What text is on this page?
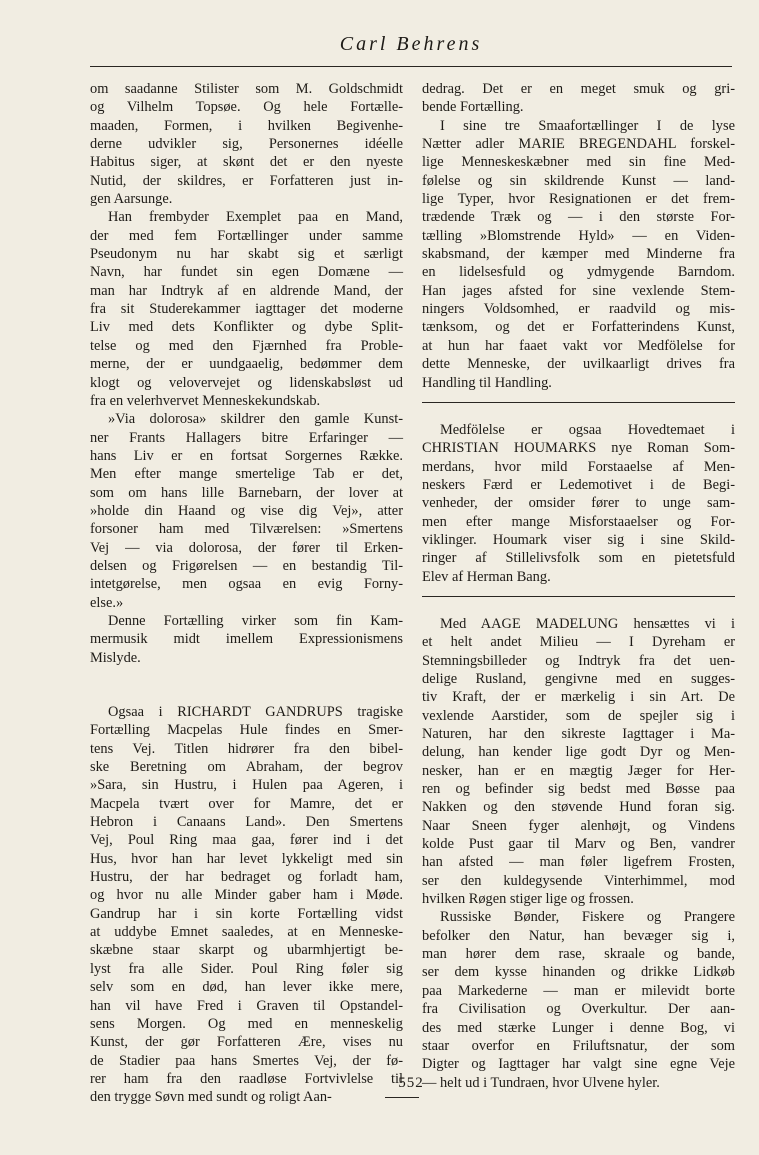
Carl Behrens
om saadanne Stilister som M. Goldschmidt
og Vilhelm Topsøe. Og hele Fortælle-
maaden, Formen, i hvilken Begivenhe-
derne udvikler sig, Personernes idéelle
Habitus siger, at skønt det er den nyeste
Nutid, der skildres, er Forfatteren just in-
gen Aarsunge.
Han frembyder Exemplet paa en Mand,
der med fem Fortællinger under samme
Pseudonym nu har skabt sig et særligt
Navn, har fundet sin egen Domæne —
man har Indtryk af en aldrende Mand, der
fra sit Studerekammer iagttager det moderne
Liv med dets Konflikter og dybe Split-
telse og med den Fjærnhed fra Proble-
merne, der er uundgaaelig, bedømmer dem
klogt og velovervejet og lidenskabsløst ud
fra en velerhvervet Menneskekundskab.
»Via dolorosa» skildrer den gamle Kunst-
ner Frants Hallagers bitre Erfaringer —
hans Liv er en fortsat Sorgernes Række.
Men efter mange smertelige Tab er det,
som om hans lille Barnebarn, der lover at
»holde din Haand og vise dig Vej», atter
forsoner ham med Tilværelsen: »Smertens
Vej — via dolorosa, der fører til Erken-
delsen og Frigørelsen — en bestandig Til-
intetgørelse, men ogsaa en evig Forny-
else.»
Denne Fortælling virker som fin Kam-
mermusik midt imellem Expressionismens
Mislyde.
Ogsaa i RICHARDT GANDRUPS tragiske
Fortælling Macpelas Hule findes en Smer-
tens Vej. Titlen hidrører fra den bibel-
ske Beretning om Abraham, der begrov
»Sara, sin Hustru, i Hulen paa Ageren, i
Macpela tvært over for Mamre, det er
Hebron i Canaans Land». Den Smertens
Vej, Poul Ring maa gaa, fører ind i det
Hus, hvor han har levet lykkeligt med sin
Hustru, der har bedraget og forladt ham,
og hvor nu alle Minder gaber ham i Møde.
Gandrup har i sin korte Fortælling vidst
at uddybe Emnet saaledes, at en Menneske-
skæbne staar skarpt og ubarmhjertigt be-
lyst fra alle Sider. Poul Ring føler sig
selv som en død, han lever ikke mere,
han vil have Fred i Graven til Opstandel-
sens Morgen. Og med en menneskelig
Kunst, der gør Forfatteren Ære, vises nu
de Stadier paa hans Smertes Vej, der fø-
rer ham fra den raadløse Fortvivlelse til
den trygge Søvn med sundt og roligt Aan-
dedrag. Det er en meget smuk og gri-
bende Fortælling.
I sine tre Smaafortællinger I de lyse
Nætter adler MARIE BREGENDAHL forskel-
lige Menneskeskæbner med sin fine Med-
følelse og sin skildrende Kunst — land-
lige Typer, hvor Resignationen er det frem-
trædende Træk og — i den største For-
tælling »Blomstrende Hyld» — en Viden-
skabsmand, der kæmper med Minderne fra
en lidelsesfuld og ydmygende Barndom.
Han jages afsted for sine vexlende Stem-
ningers Voldsomhed, er raadvild og mis-
tænksom, og det er Forfatterindens Kunst,
at hun har faaet vakt vor Medfölelse for
dette Menneske, der uvilkaarligt drives fra
Handling til Handling.
Medfölelse er ogsaa Hovedtemaet i
CHRISTIAN HOUMARKS nye Roman Som-
merdans, hvor mild Forstaaelse af Men-
neskers Færd er Ledemotivet i de Begi-
venheder, der omsider fører to unge sam-
men efter mange Misforstaaelser og For-
viklinger. Houmark viser sig i sine Skild-
ringer af Stillelivsfolk som en pietetsfuld
Elev af Herman Bang.
Med AAGE MADELUNG hensættes vi i
et helt andet Milieu — I Dyreham er
Stemningsbilleder og Indtryk fra det uen-
delige Rusland, gengivne med en sugges-
tiv Kraft, der er mærkelig i sin Art. De
vexlende Aarstider, som de spejler sig i
Naturen, har den sikreste Iagttager i Ma-
delung, han kender lige godt Dyr og Men-
nesker, han er en mægtig Jæger for Her-
ren og befinder sig bedst med Bøsse paa
Nakken og den støvende Hund foran sig.
Naar Sneen fyger alenhøjt, og Vindens
kolde Pust gaar til Marv og Ben, vandrer
han afsted — man føler ligefrem Frosten,
ser den kuldegysende Vinterhimmel, mod
hvilken Røgen stiger lige og frossen.
Russiske Bønder, Fiskere og Prangere
befolker den Natur, han bevæger sig i,
man hører dem rase, skraale og bande,
ser dem kysse hinanden og drikke Lidkøb
paa Markederne — man er milevidt borte
fra Civilisation og Overkultur. Der aan-
des med stærke Lunger i denne Bog, vi
staar overfor en Friluftsnatur, der som
Digter og Iagttager har valgt sine egne Veje
— helt ud i Tundraen, hvor Ulvene hyler.
552
